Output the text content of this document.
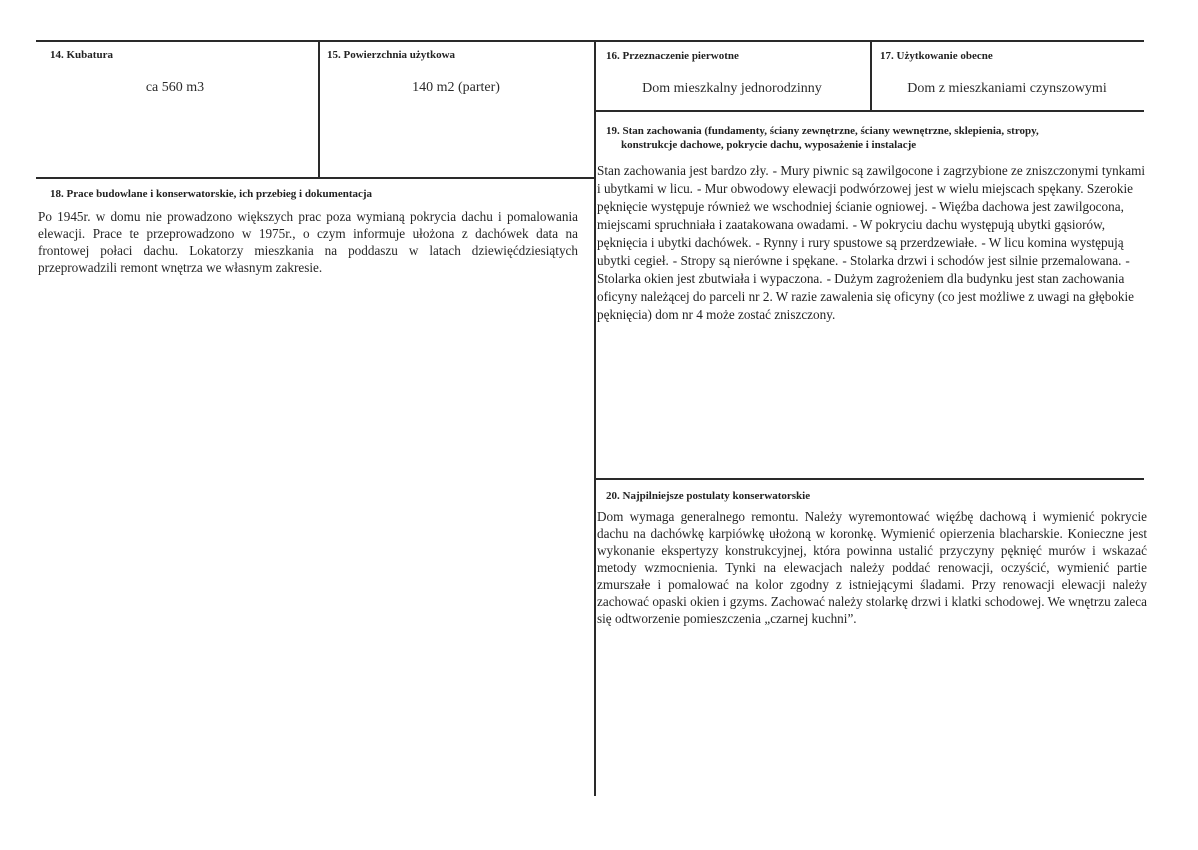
14. Kubatura
ca 560 m3
15. Powierzchnia użytkowa
140 m2 (parter)
16. Przeznaczenie pierwotne
Dom mieszkalny jednorodzinny
17. Użytkowanie obecne
Dom z mieszkaniami czynszowymi
18. Prace budowlane i konserwatorskie, ich przebieg i dokumentacja
Po 1945r. w domu nie prowadzono większych prac poza wymianą pokrycia dachu i pomalowania elewacji. Prace te przeprowadzono w 1975r., o czym informuje ułożona z dachówek data na frontowej połaci dachu. Lokatorzy mieszkania na poddaszu w latach dziewięćdziesiątych przeprowadzili remont wnętrza we własnym zakresie.
19. Stan zachowania (fundamenty, ściany zewnętrzne, ściany wewnętrzne, sklepienia, stropy,
konstrukcje dachowe, pokrycie dachu, wyposażenie i instalacje
Stan zachowania jest bardzo zły. - Mury piwnic są zawilgocone i zagrzybione ze zniszczonymi tynkami i ubytkami w licu. - Mur obwodowy elewacji podwórzowej jest w wielu miejscach spękany. Szerokie pęknięcie występuje również we wschodniej ścianie ogniowej. - Więźba dachowa jest zawilgocona, miejscami spruchniała i zaatakowana owadami. - W pokryciu dachu występują ubytki gąsiorów, pęknięcia i ubytki dachówek. - Rynny i rury spustowe są przerdzewiałe. - W licu komina występują ubytki cegieł. - Stropy są nierówne i spękane. - Stolarka drzwi i schodów jest silnie przemalowana. - Stolarka okien jest zbutwiała i wypaczona. - Dużym zagrożeniem dla budynku jest stan zachowania oficyny należącej do parceli nr 2. W razie zawalenia się oficyny (co jest możliwe z uwagi na głębokie pęknięcia) dom nr 4 może zostać zniszczony.
20. Najpilniejsze postulaty konserwatorskie
Dom wymaga generalnego remontu. Należy wyremontować więźbę dachową i wymienić pokrycie dachu na dachówkę karpiówkę ułożoną w koronkę. Wymienić opierzenia blacharskie. Konieczne jest wykonanie ekspertyzy konstrukcyjnej, która powinna ustalić przyczyny pęknięć murów i wskazać metody wzmocnienia. Tynki na elewacjach należy poddać renowacji, oczyścić, wymienić partie zmurszałe i pomalować na kolor zgodny z istniejącymi śladami. Przy renowacji elewacji należy zachować opaski okien i gzyms. Zachować należy stolarkę drzwi i klatki schodowej. We wnętrzu zaleca się odtworzenie pomieszczenia „czarnej kuchni”.
